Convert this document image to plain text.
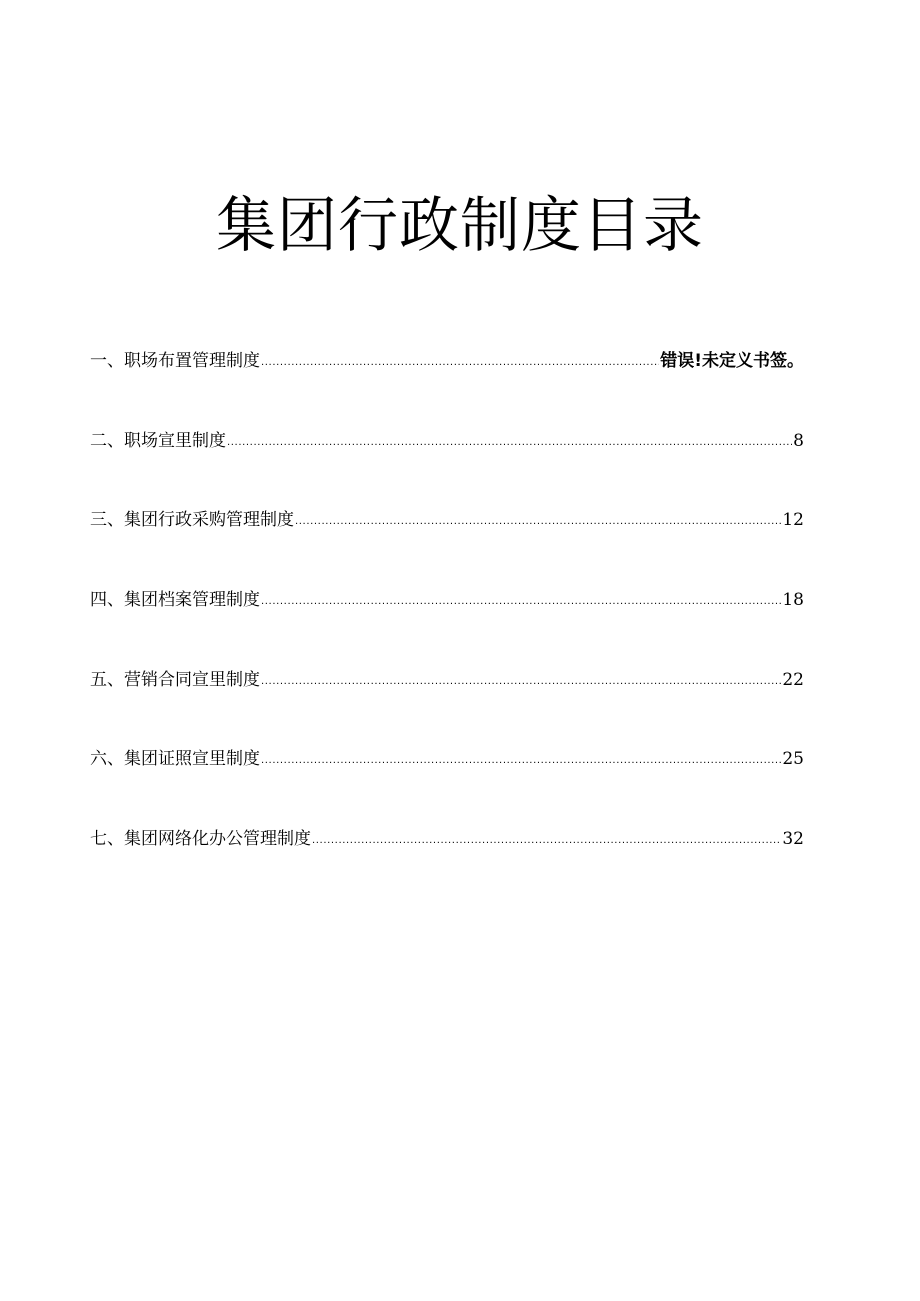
集团行政制度目录
一、职场布置管理制度 .....	错误!未定义书签。
二、职场宣里制度 .....	8
三、集团行政采购管理制度 .....	12
四、集团档案管理制度 .....	18
五、营销合同宣里制度 .....	22
六、集团证照宣里制度 .....	25
七、集团网络化办公管理制度 .....	32
